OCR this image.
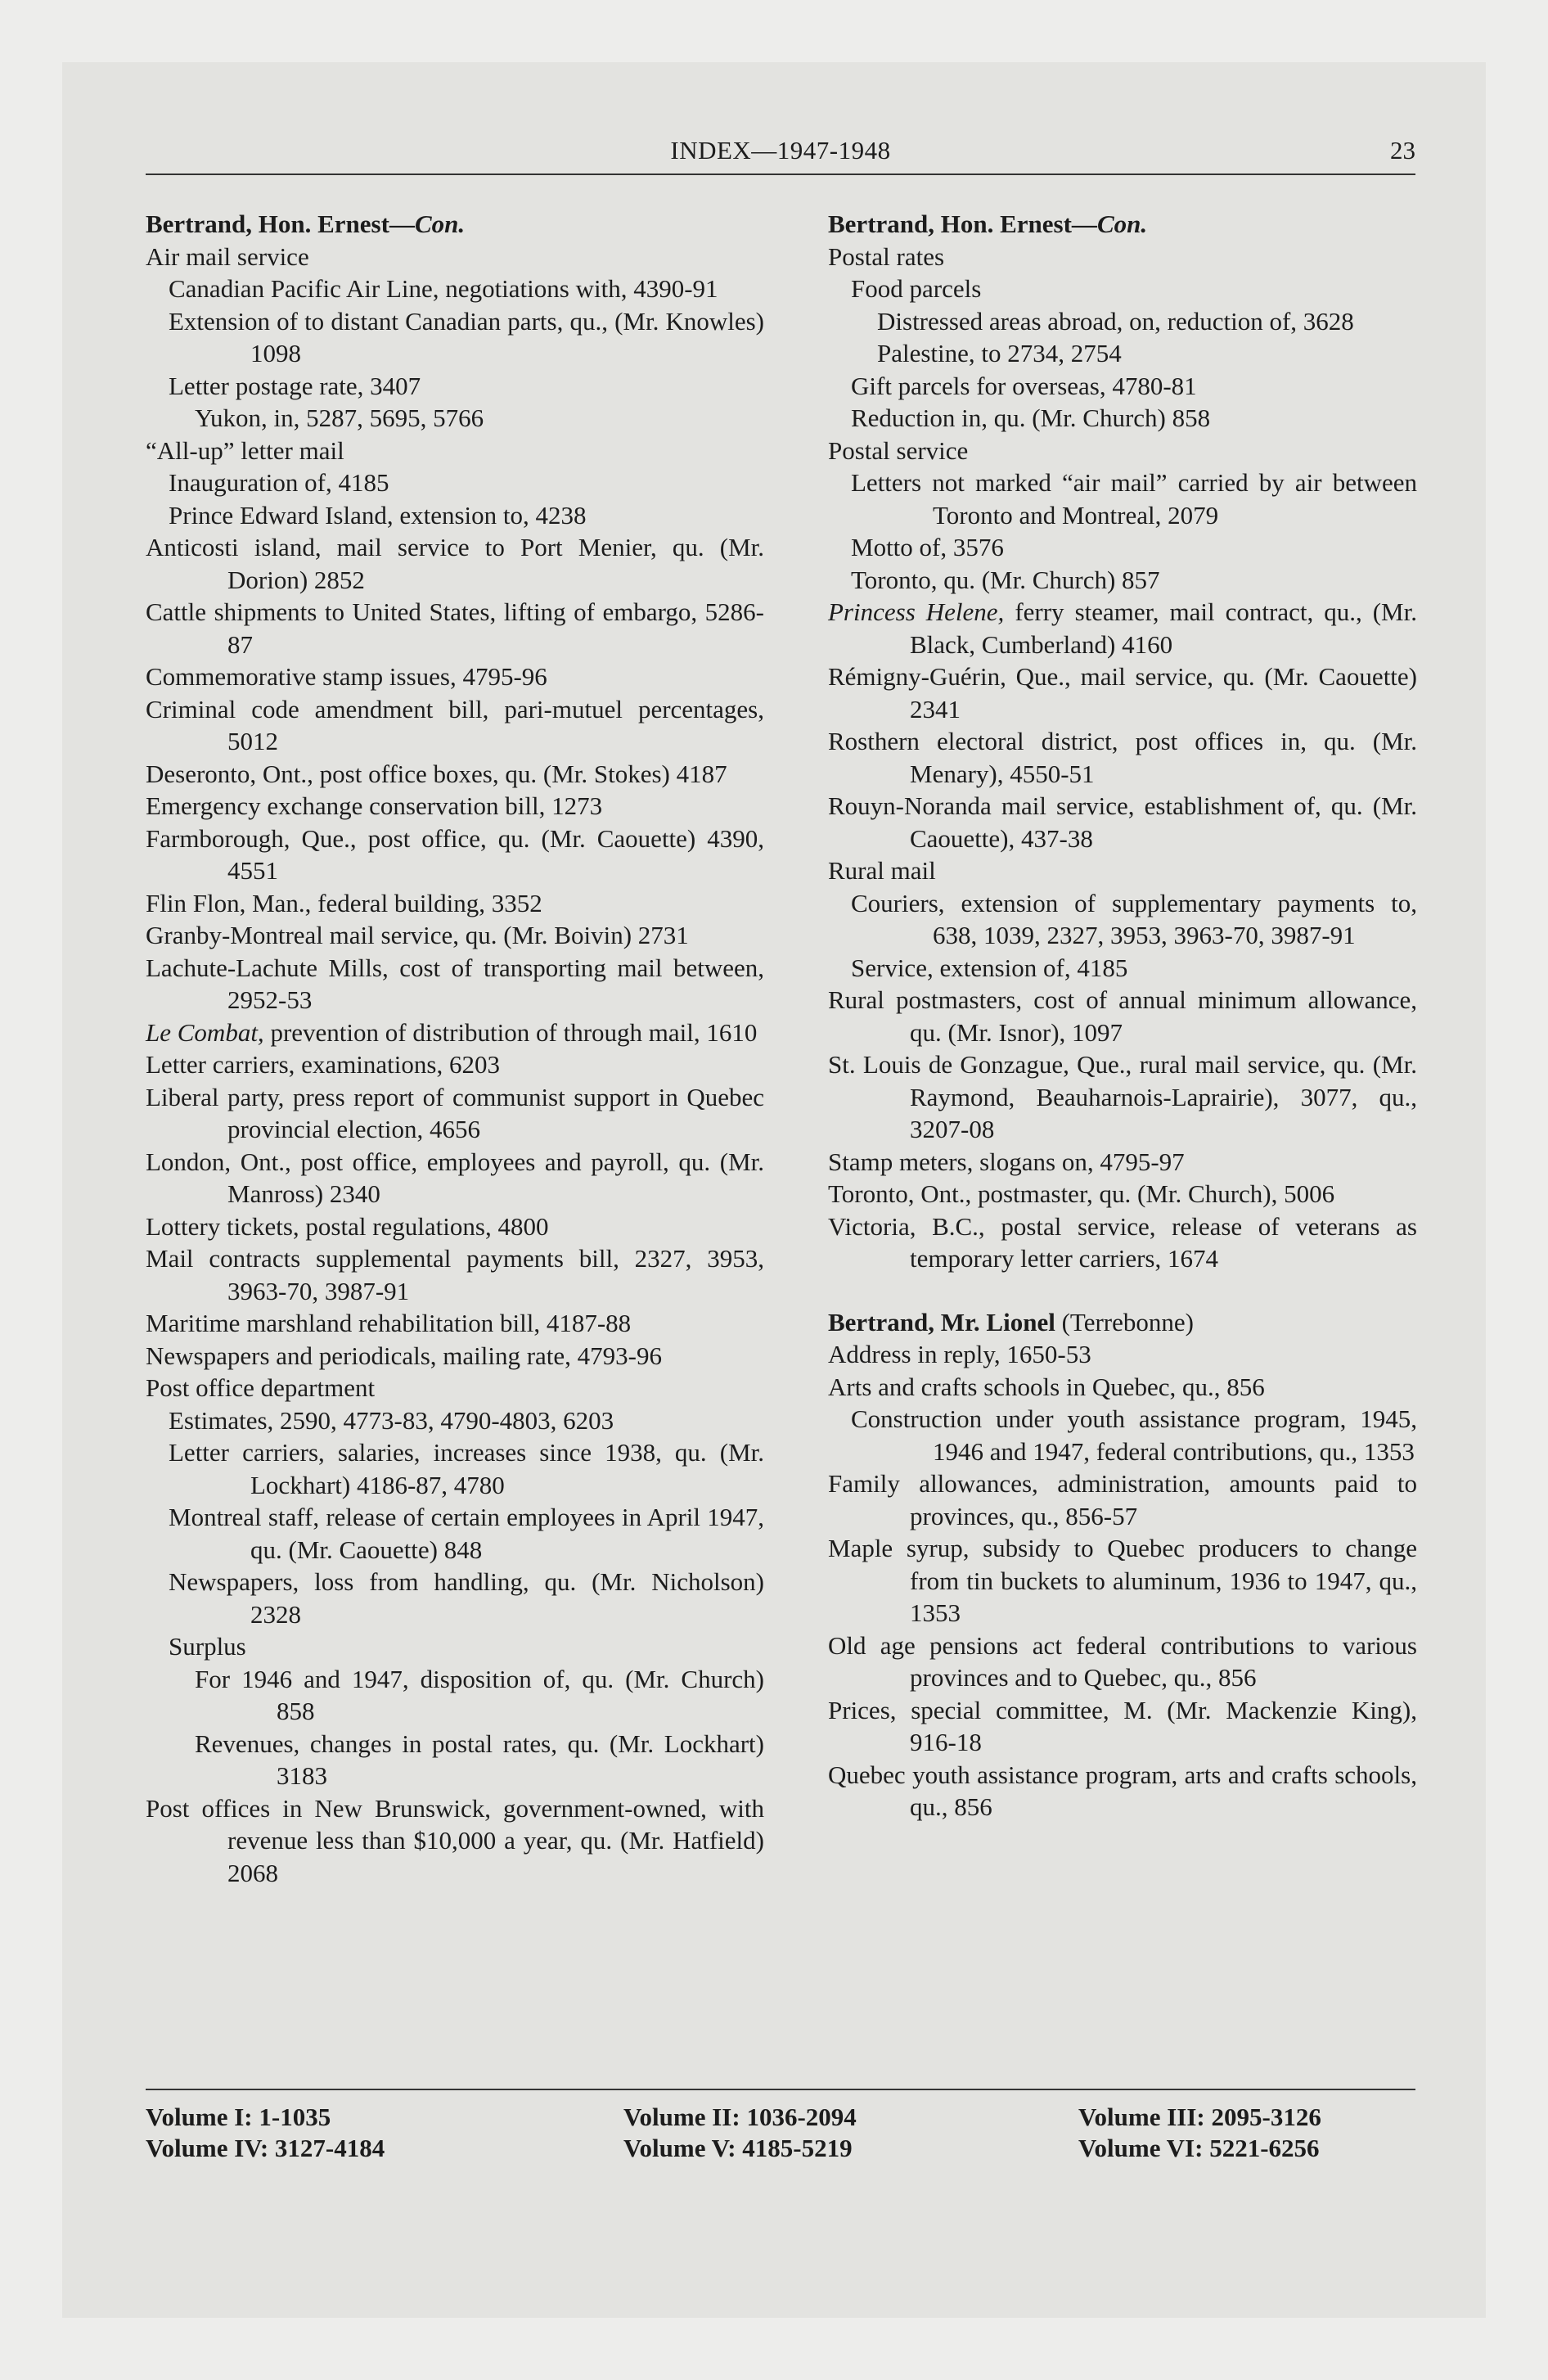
INDEX—1947-1948	23

Bertrand, Hon. Ernest—Con.

Air mail service

Canadian Pacific Air Line, negotiations with, 4390-91

Extension of to distant Canadian parts, qu., (Mr. Knowles) 1098

Letter postage rate, 3407

Yukon, in, 5287, 5695, 5766

“All-up” letter mail

Inauguration of, 4185

Prince Edward Island, extension to, 4238

Anticosti island, mail service to Port Menier, qu. (Mr. Dorion) 2852

Cattle shipments to United States, lifting of embargo, 5286-87

Commemorative stamp issues, 4795-96

Criminal code amendment bill, pari-mutuel percentages, 5012

Deseronto, Ont., post office boxes, qu. (Mr. Stokes) 4187

Emergency exchange conservation bill, 1273

Farmborough, Que., post office, qu. (Mr. Caouette) 4390, 4551

Flin Flon, Man., federal building, 3352

Granby-Montreal mail service, qu. (Mr. Boivin) 2731

Lachute-Lachute Mills, cost of transporting mail between, 2952-53

Le Combat, prevention of distribution of through mail, 1610

Letter carriers, examinations, 6203

Liberal party, press report of communist support in Quebec provincial election, 4656

London, Ont., post office, employees and payroll, qu. (Mr. Manross) 2340

Lottery tickets, postal regulations, 4800

Mail contracts supplemental payments bill, 2327, 3953, 3963-70, 3987-91

Maritime marshland rehabilitation bill, 4187-88

Newspapers and periodicals, mailing rate, 4793-96

Post office department

Estimates, 2590, 4773-83, 4790-4803, 6203

Letter carriers, salaries, increases since 1938, qu. (Mr. Lockhart) 4186-87, 4780

Montreal staff, release of certain employees in April 1947, qu. (Mr. Caouette) 848

Newspapers, loss from handling, qu. (Mr. Nicholson) 2328

Surplus

For 1946 and 1947, disposition of, qu. (Mr. Church) 858

Revenues, changes in postal rates, qu. (Mr. Lockhart) 3183

Post offices in New Brunswick, government-owned, with revenue less than $10,000 a year, qu. (Mr. Hatfield) 2068

Bertrand, Hon. Ernest—Con.

Postal rates

Food parcels

Distressed areas abroad, on, reduction of, 3628

Palestine, to 2734, 2754

Gift parcels for overseas, 4780-81

Reduction in, qu. (Mr. Church) 858

Postal service

Letters not marked “air mail” carried by air between Toronto and Montreal, 2079

Motto of, 3576

Toronto, qu. (Mr. Church) 857

Princess Helene, ferry steamer, mail contract, qu., (Mr. Black, Cumberland) 4160

Rémigny-Guérin, Que., mail service, qu. (Mr. Caouette) 2341

Rosthern electoral district, post offices in, qu. (Mr. Menary), 4550-51

Rouyn-Noranda mail service, establishment of, qu. (Mr. Caouette), 437-38

Rural mail

Couriers, extension of supplementary payments to, 638, 1039, 2327, 3953, 3963-70, 3987-91

Service, extension of, 4185

Rural postmasters, cost of annual minimum allowance, qu. (Mr. Isnor), 1097

St. Louis de Gonzague, Que., rural mail service, qu. (Mr. Raymond, Beauharnois-Laprairie), 3077, qu., 3207-08

Stamp meters, slogans on, 4795-97

Toronto, Ont., postmaster, qu. (Mr. Church), 5006

Victoria, B.C., postal service, release of veterans as temporary letter carriers, 1674

Bertrand, Mr. Lionel (Terrebonne)

Address in reply, 1650-53

Arts and crafts schools in Quebec, qu., 856

Construction under youth assistance program, 1945, 1946 and 1947, federal contributions, qu., 1353

Family allowances, administration, amounts paid to provinces, qu., 856-57

Maple syrup, subsidy to Quebec producers to change from tin buckets to aluminum, 1936 to 1947, qu., 1353

Old age pensions act federal contributions to various provinces and to Quebec, qu., 856

Prices, special committee, M. (Mr. Mackenzie King), 916-18

Quebec youth assistance program, arts and crafts schools, qu., 856

Volume I: 1-1035	Volume II: 1036-2094	Volume III: 2095-3126
Volume IV: 3127-4184	Volume V: 4185-5219	Volume VI: 5221-6256
